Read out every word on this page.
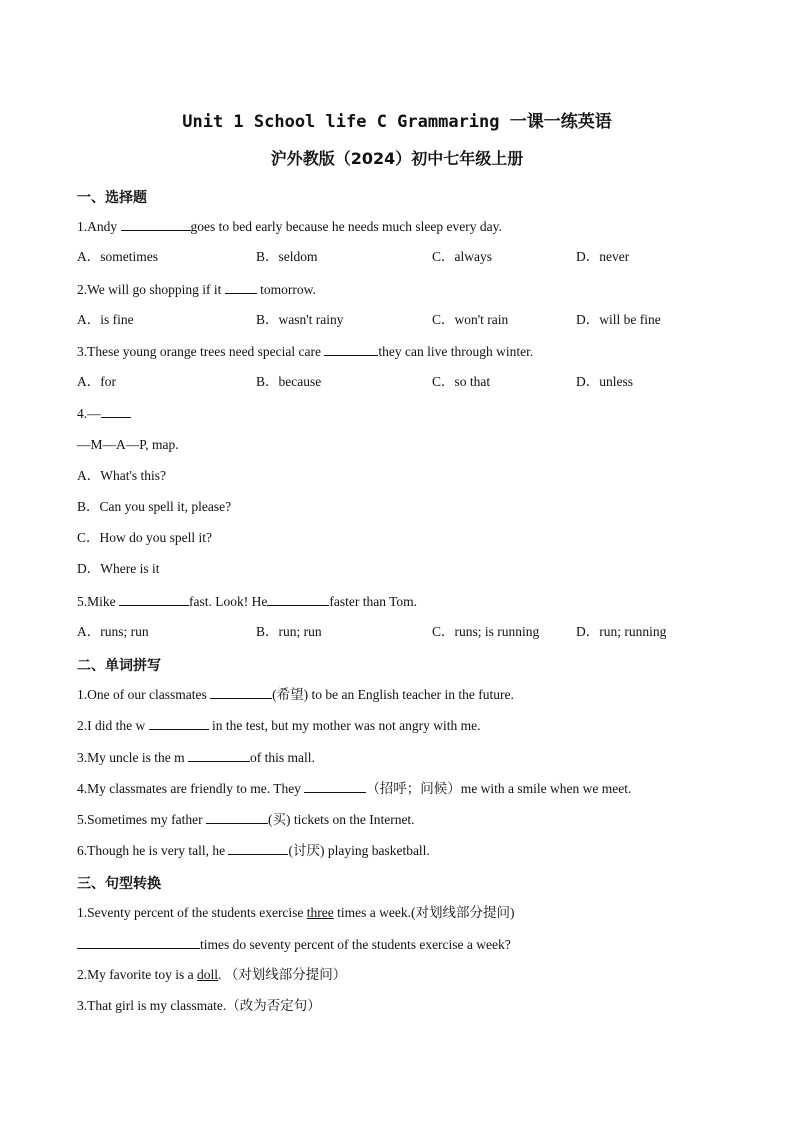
Unit 1 School life C Grammaring 一课一练英语
沪外教版（2024）初中七年级上册
一、选择题
1.Andy	goes to bed early because he needs much sleep every day.
A．sometimes	B．seldom	C．always	D．never
2.We will go shopping if it  tomorrow.
A．is fine	B．wasn't rainy	C．won't rain	D．will be fine
3.These young orange trees need special care	they can live through winter.
A．for	B．because	C．so that	D．unless
4.—
—M—A—P, map.
A．What's this?
B．Can you spell it, please?
C．How do you spell it?
D．Where is it
5.Mike	fast. Look! He	faster than Tom.
A．runs; run	B．run; run	C．runs; is running	D．run; running
二、单词拼写
1.One of our classmates	(希望) to be an English teacher in the future.
2.I did the w	in the test, but my mother was not angry with me.
3.My uncle is the m	of this mall.
4.My classmates are friendly to me. They	（招呼；问候）me with a smile when we meet.
5.Sometimes my father	(买) tickets on the Internet.
6.Though he is very tall, he	(讨厌) playing basketball.
三、句型转换
1.Seventy percent of the students exercise three times a week.(对划线部分提问)
times do seventy percent of the students exercise a week?
2.My favorite toy is a doll. （对划线部分提问）
3.That girl is my classmate.（改为否定句）
